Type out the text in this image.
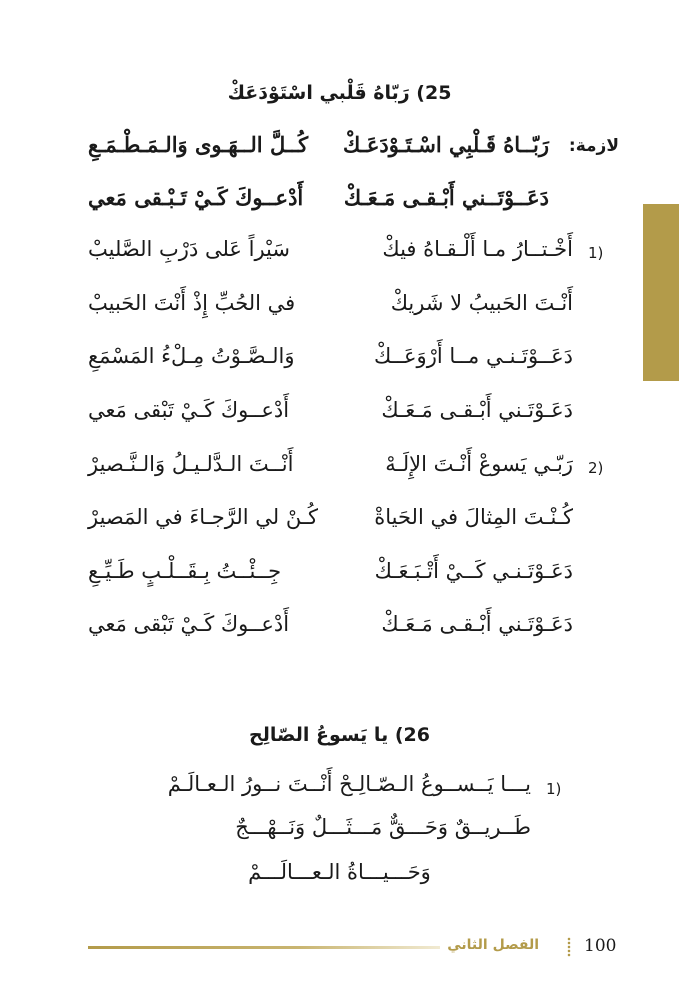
25) رَبّاهُ قَلْبي اسْتَوْدَعَكْ
لازمة:
رَبّــاهُ قَـلْبِي اسْـتَـوْدَعَـكْ
كُــلَّ الــهَـوى وَالـمَـطْـمَـعِ
دَعَــوْتَــني أَبْـقـى مَـعَـكْ
أَدْعــوكَ كَـيْ تَـبْـقى مَعي
1)
أَخْـتــارُ مـا أَلْـقـاهُ فيكْ
سَيْراً عَلى دَرْبِ الصَّليبْ
أَنْـتَ الحَبيبُ لا شَريكْ
في الحُبِّ إِذْ أَنْتَ الحَبيبْ
دَعَــوْتَـنـي مــا أَرْوَعَــكْ
وَالـصَّـوْتُ مِـلْءُ المَسْمَعِ
دَعَـوْتَـني أَبْـقـى مَـعَـكْ
أَدْعــوكَ كَـيْ تَبْقى مَعي
2)
رَبّـي يَسوعْ أَنْـتَ الإِلَـهْ
أَنْــتَ الـدَّلـيـلُ وَالـنَّـصيرْ
كُـنْـتَ المِثالَ في الحَياةْ
كُـنْ لي الرَّجـاءَ في المَصيرْ
دَعَـوْتَـنـي كَــيْ أَتْـبَـعَـكْ
جِــئْــتُ بِـقَــلْـبٍ طَـيِّـعِ
دَعَـوْتَـني أَبْـقـى مَـعَـكْ
أَدْعــوكَ كَـيْ تَبْقى مَعي
26) يا يَسوعُ الصّالِح
1)
يـــا يَــســوعُ الـصّـالِـحْ أَنْــتَ نــورُ الـعـالَـمْ
طَــريــقٌ وَحَـــقٌّ مَـــثَـــلٌ وَنَــهْـــجٌ
وَحَـــيـــاةُ الـعـــالَـــمْ
الفصل الثاني	100
